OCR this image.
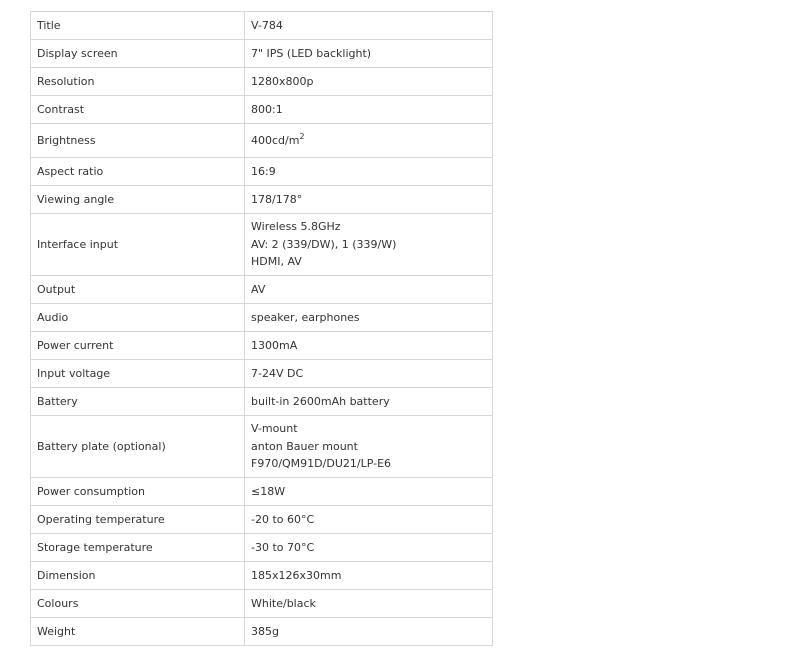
Title	V-784
Display screen	7" IPS (LED backlight)
Resolution	1280x800p
Contrast	800:1
Brightness	$400cd/m^2$
Aspect ratio	16:9
Viewing angle	178/178°
Interface input	Wireless 5.8GHz
AV: 2 (339/DW), 1 (339/W)
HDMI, AV

Output	AV
Audio	speaker, earphones
Power current	1300mA
Input voltage	7-24V DC
Battery	built-in 2600mAh battery
Battery plate (optional)	V-mount
anton Bauer mount
F970/QM91D/DU21/LP-E6

Power consumption	≤18W
Operating temperature	-20 to 60°C
Storage temperature	-30 to 70°C
Dimension	185x126x30mm
Colours	White/black
Weight	385g
